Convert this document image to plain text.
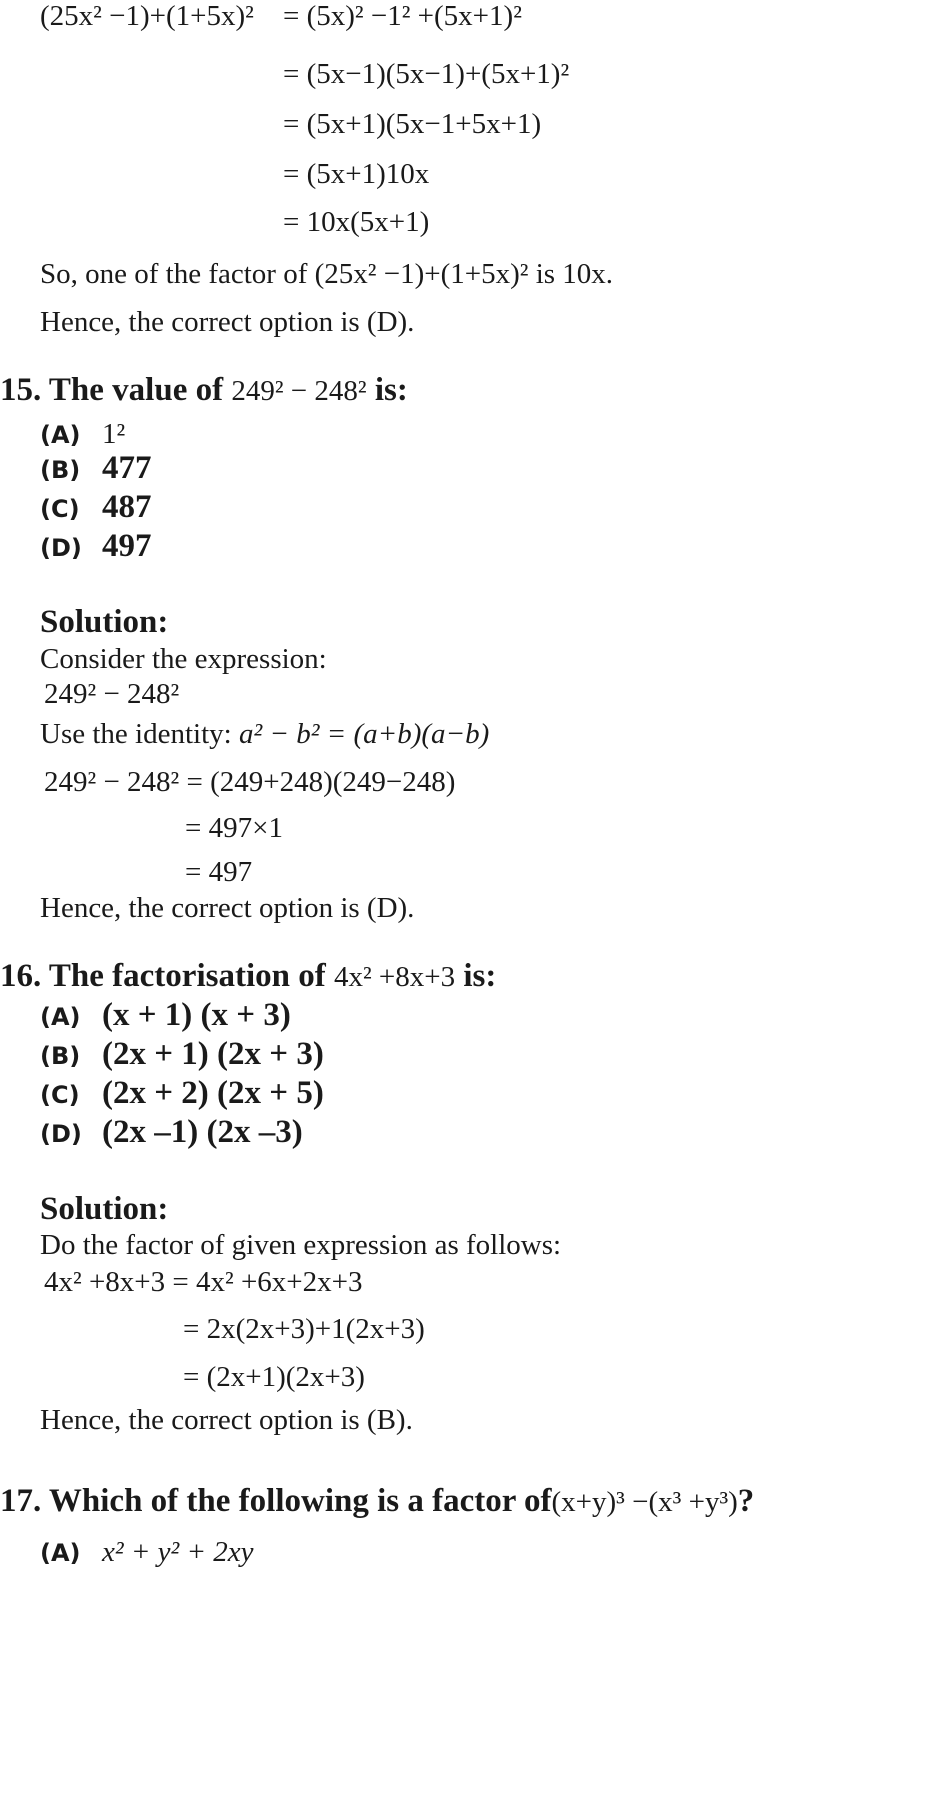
(25x² −1)+(1+5x)² = (5x)² −1² +(5x+1)²
= (5x−1)(5x−1)+(5x+1)²
= (5x+1)(5x−1+5x+1)
= (5x+1)10x
= 10x(5x+1)
So, one of the factor of (25x² −1)+(1+5x)² is 10x.
Hence, the correct option is (D).
15. The value of 249² − 248² is:
(A) 1²
(B) 477
(C) 487
(D) 497
Solution:
Consider the expression:
249² − 248²
Use the identity: a² − b² = (a+b)(a−b)
249² − 248² = (249+248)(249−248)
= 497×1
= 497
Hence, the correct option is (D).
16. The factorisation of 4x² +8x+3 is:
(A) (x + 1) (x + 3)
(B) (2x + 1) (2x + 3)
(C) (2x + 2) (2x + 5)
(D) (2x –1) (2x –3)
Solution:
Do the factor of given expression as follows:
4x² +8x+3 = 4x² +6x+2x+3
= 2x(2x+3)+1(2x+3)
= (2x+1)(2x+3)
Hence, the correct option is (B).
17. Which of the following is a factor of(x+y)³ −(x³ +y³)?
(A) x² + y² + 2xy
